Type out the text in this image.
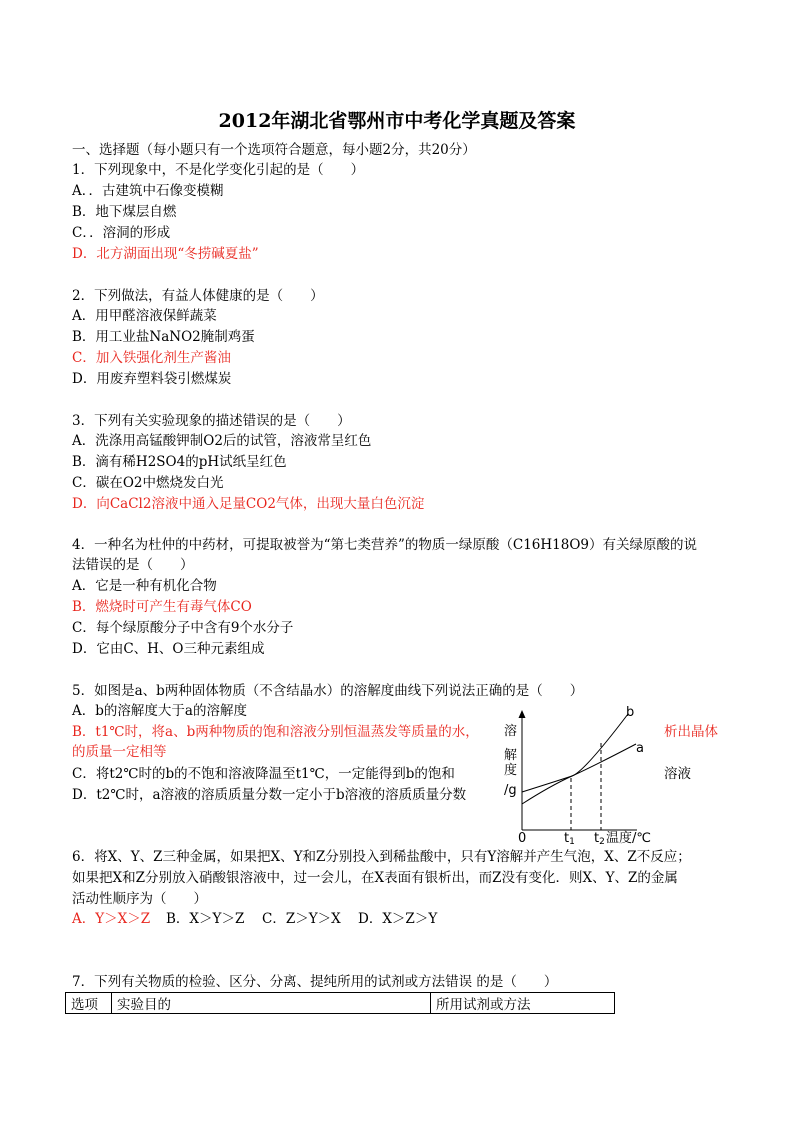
2012年湖北省鄂州市中考化学真题及答案
一、选择题（每小题只有一个选项符合题意，每小题2分，共20分）
1．下列现象中，不是化学变化引起的是（　　）
A．．古建筑中石像变模糊
B．地下煤层自燃
C．．溶洞的形成
D．北方湖面出现“冬捞碱夏盐”
2．下列做法，有益人体健康的是（　　）
A．用甲醛溶液保鲜蔬菜
B．用工业盐NaNO2腌制鸡蛋
C．加入铁强化剂生产酱油
D．用废弃塑料袋引燃煤炭
3．下列有关实验现象的描述错误的是（　　）
A．洗涤用高锰酸钾制O2后的试管，溶液常呈红色
B．滴有稀H2SO4的pH试纸呈红色
C．碳在O2中燃烧发白光
D．向CaCl2溶液中通入足量CO2气体，出现大量白色沉淀
4．一种名为杜仲的中药材，可提取被誉为“第七类营养”的物质一绿原酸（C16H18O9）有关绿原酸的说
法错误的是（　　）
A．它是一种有机化合物
B．燃烧时可产生有毒气体CO
C．每个绿原酸分子中含有9个水分子
D．它由C、H、O三种元素组成
5．如图是a、b两种固体物质（不含结晶水）的溶解度曲线下列说法正确的是（　　）
A．b的溶解度大于a的溶解度
B．t1℃时，将a、b两种物质的饱和溶液分别恒温蒸发等质量的水，	析出晶体
的质量一定相等
C．将t2℃时的b的不饱和溶液降温至t1℃，一定能得到b的饱和	溶液
D．t2℃时，a溶液的溶质质量分数一定小于b溶液的溶质质量分数
b
a
溶
解
度
/g
0	t1 t2 温度/℃
6．将X、Y、Z三种金属，如果把X、Y和Z分别投入到稀盐酸中，只有Y溶解并产生气泡，X、Z不反应；
如果把X和Z分别放入硝酸银溶液中，过一会儿，在X表面有银析出，而Z没有变化．则X、Y、Z的金属
活动性顺序为（　　）
A．Y＞X＞Z B．X＞Y＞Z C．Z＞Y＞X D．X＞Z＞Y
7．下列有关物质的检验、区分、分离、提纯所用的试剂或方法错误 的是（　　）
选项	实验目的	所用试剂或方法
